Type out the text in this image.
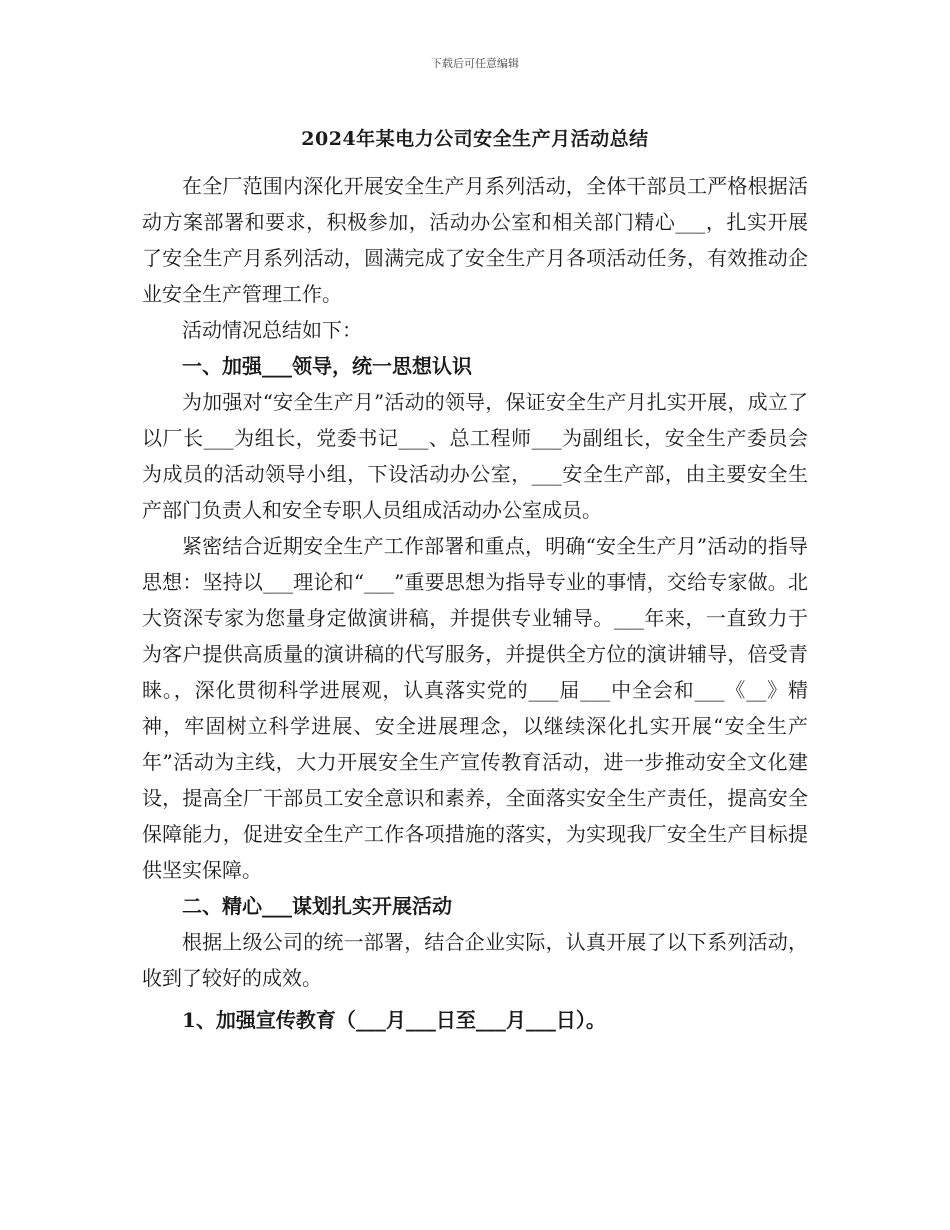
下载后可任意编辑
2024年某电力公司安全生产月活动总结

在全厂范围内深化开展安全生产月系列活动，全体干部员工严格根据活动方案部署和要求，积极参加，活动办公室和相关部门精心___，扎实开展了安全生产月系列活动，圆满完成了安全生产月各项活动任务，有效推动企业安全生产管理工作。

活动情况总结如下：

一、加强___领导，统一思想认识

为加强对“安全生产月”活动的领导，保证安全生产月扎实开展，成立了以厂长___为组长，党委书记___、总工程师___为副组长，安全生产委员会为成员的活动领导小组，下设活动办公室，___安全生产部，由主要安全生产部门负责人和安全专职人员组成活动办公室成员。

紧密结合近期安全生产工作部署和重点，明确“安全生产月”活动的指导思想：坚持以___理论和“___”重要思想为指导专业的事情，交给专家做。北大资深专家为您量身定做演讲稿，并提供专业辅导。___年来，一直致力于为客户提供高质量的演讲稿的代写服务，并提供全方位的演讲辅导，倍受青睐。，深化贯彻科学进展观，认真落实党的___届___中全会和___《__》精神，牢固树立科学进展、安全进展理念，以继续深化扎实开展“安全生产年”活动为主线，大力开展安全生产宣传教育活动，进一步推动安全文化建设，提高全厂干部员工安全意识和素养，全面落实安全生产责任，提高安全保障能力，促进安全生产工作各项措施的落实，为实现我厂安全生产目标提供坚实保障。

二、精心___谋划扎实开展活动

根据上级公司的统一部署，结合企业实际，认真开展了以下系列活动，收到了较好的成效。

1、加强宣传教育（___月___日至___月___日）。
